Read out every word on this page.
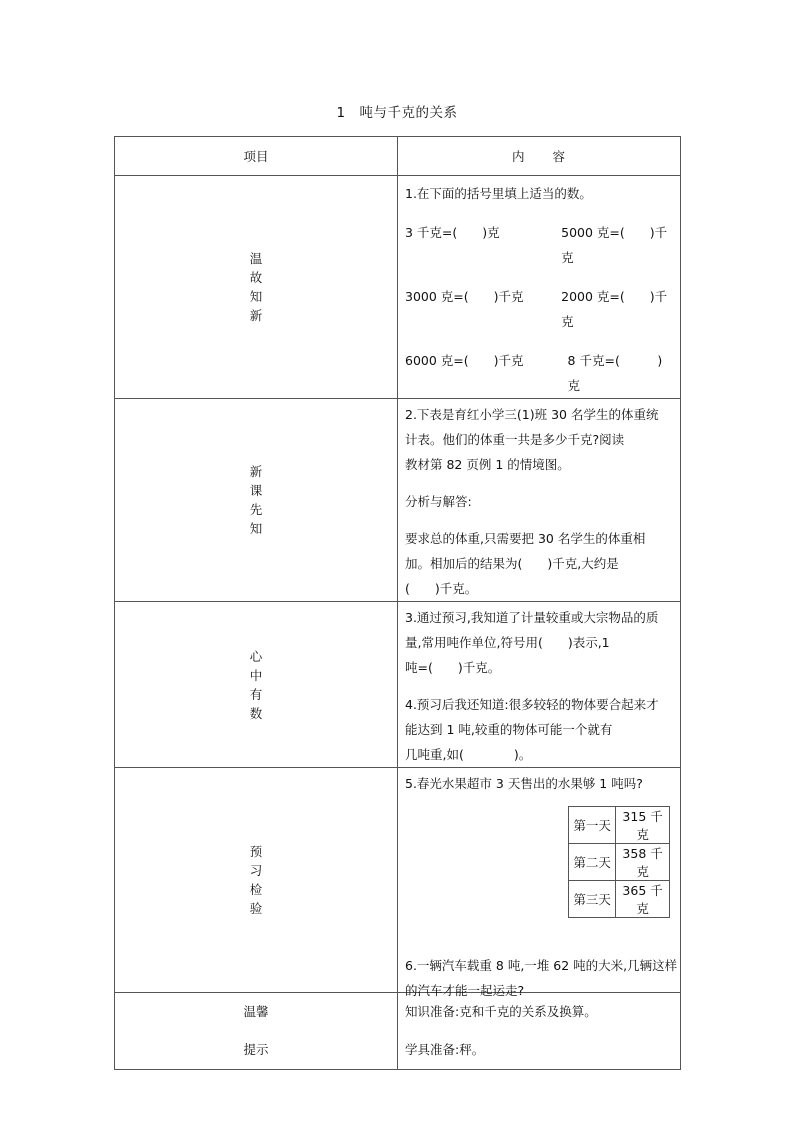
1　吨与千克的关系
项目	内　　容
温故知新	
1.在下面的括号里填上适当的数。
3 千克=(　　)克	5000 克=(　　)千克
3000 克=(　　)千克	2000 克=(　　)千克
6000 克=(　　)千克	8 千克=(　　　)克

新课先知	
2.下表是育红小学三(1)班 30 名学生的体重统计表。他们的体重一共是多少千克?阅读
教材第 82 页例 1 的情境图。
分析与解答:
要求总的体重,只需要把 30 名学生的体重相加。相加后的结果为(　　)千克,大约是
(　　)千克。

心中有数	
3.通过预习,我知道了计量较重或大宗物品的质量,常用吨作单位,符号用(　　)表示,1
吨=(　　)千克。
4.预习后我还知道:很多较轻的物体要合起来才能达到 1 吨,较重的物体可能一个就有
几吨重,如(　　　　)。

预习检验	
5.春光水果超市 3 天售出的水果够 1 吨吗?
第一天	315 千克
第二天	358 千克
第三天	365 千克
6.一辆汽车载重 8 吨,一堆 62 吨的大米,几辆这样的汽车才能一起运走?

温馨
提示

知识准备:克和千克的关系及换算。
学具准备:秤。
